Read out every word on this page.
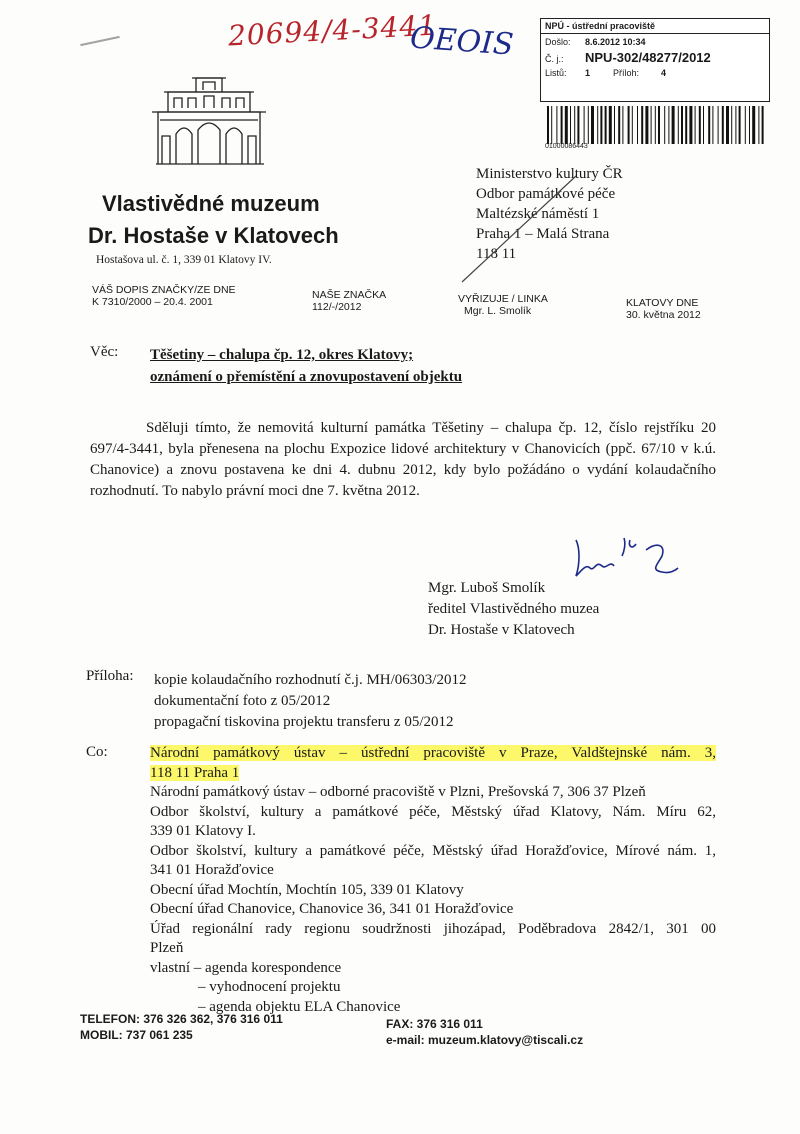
20694/4-3441
OEOIS	NPÚ - ústřední pracoviště
Došlo:	8.6.2012 10:34
Č. j.:	NPU-302/48277/2012
Listů:	1	Příloh:	4
01000086443
Vlastivědné muzeum
Dr. Hostaše v Klatovech
Hostašova ul. č. 1, 339 01 Klatovy IV.
Ministerstvo kultury ČR
Odbor památkové péče
Maltézské náměstí 1
Praha 1 – Malá Strana
118 11
VÁŠ DOPIS ZNAČKY/ZE DNE
K 7310/2000 – 20.4. 2001
NAŠE ZNAČKA
112/-/2012
VYŘIZUJE / LINKA
Mgr. L. Smolík
KLATOVY DNE
30. května 2012
Věc: Těšetiny – chalupa čp. 12, okres Klatovy;
oznámení o přemístění a znovupostavení objektu
Sděluji tímto, že nemovitá kulturní památka Těšetiny – chalupa čp. 12, číslo rejstříku 20 697/4-3441, byla přenesena na plochu Expozice lidové architektury v Chanovicích (ppč. 67/10 v k.ú. Chanovice) a znovu postavena ke dni 4. dubnu 2012, kdy bylo požádáno o vydání kolaudačního rozhodnutí. To nabylo právní moci dne 7. května 2012.
Mgr. Luboš Smolík
ředitel Vlastivědného muzea
Dr. Hostaše v Klatovech
Příloha: kopie kolaudačního rozhodnutí č.j. MH/06303/2012
dokumentační foto z 05/2012
propagační tiskovina projektu transferu z 05/2012
Co:	Národní památkový ústav – ústřední pracoviště v Praze, Valdštejnské nám. 3,
118 11 Praha 1
Národní památkový ústav – odborné pracoviště v Plzni, Prešovská 7, 306 37 Plzeň
Odbor školství, kultury a památkové péče, Městský úřad Klatovy, Nám. Míru 62,
339 01 Klatovy I.
Odbor školství, kultury a památkové péče, Městský úřad Horažďovice, Mírové nám. 1,
341 01 Horažďovice
Obecní úřad Mochtín, Mochtín 105, 339 01 Klatovy
Obecní úřad Chanovice, Chanovice 36, 341 01 Horažďovice
Úřad regionální rady regionu soudržnosti jihozápad, Poděbradova 2842/1, 301 00
Plzeň
vlastní – agenda korespondence
– vyhodnocení projektu
– agenda objektu ELA Chanovice
TELEFON: 376 326 362, 376 316 011
MOBIL: 737 061 235
FAX: 376 316 011
e-mail: muzeum.klatovy@tiscali.cz
